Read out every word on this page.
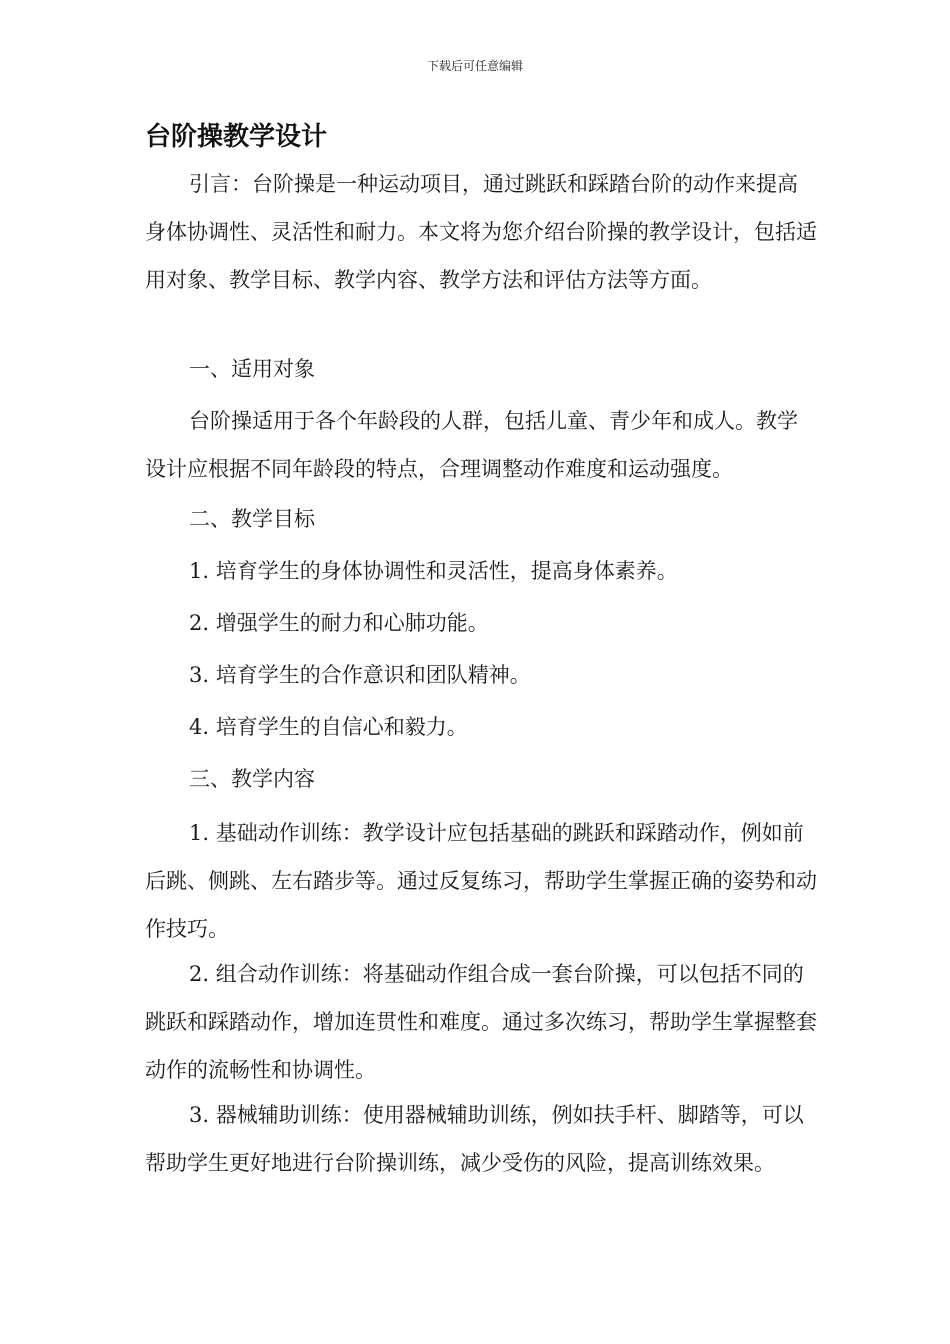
下载后可任意编辑
台阶操教学设计

引言：台阶操是一种运动项目，通过跳跃和踩踏台阶的动作来提高身体协调性、灵活性和耐力。本文将为您介绍台阶操的教学设计，包括适用对象、教学目标、教学内容、教学方法和评估方法等方面。

一、适用对象

台阶操适用于各个年龄段的人群，包括儿童、青少年和成人。教学设计应根据不同年龄段的特点，合理调整动作难度和运动强度。

二、教学目标

1. 培育学生的身体协调性和灵活性，提高身体素养。

2. 增强学生的耐力和心肺功能。

3. 培育学生的合作意识和团队精神。

4. 培育学生的自信心和毅力。

三、教学内容

1. 基础动作训练：教学设计应包括基础的跳跃和踩踏动作，例如前后跳、侧跳、左右踏步等。通过反复练习，帮助学生掌握正确的姿势和动作技巧。

2. 组合动作训练：将基础动作组合成一套台阶操，可以包括不同的跳跃和踩踏动作，增加连贯性和难度。通过多次练习，帮助学生掌握整套动作的流畅性和协调性。

3. 器械辅助训练：使用器械辅助训练，例如扶手杆、脚踏等，可以帮助学生更好地进行台阶操训练，减少受伤的风险，提高训练效果。
